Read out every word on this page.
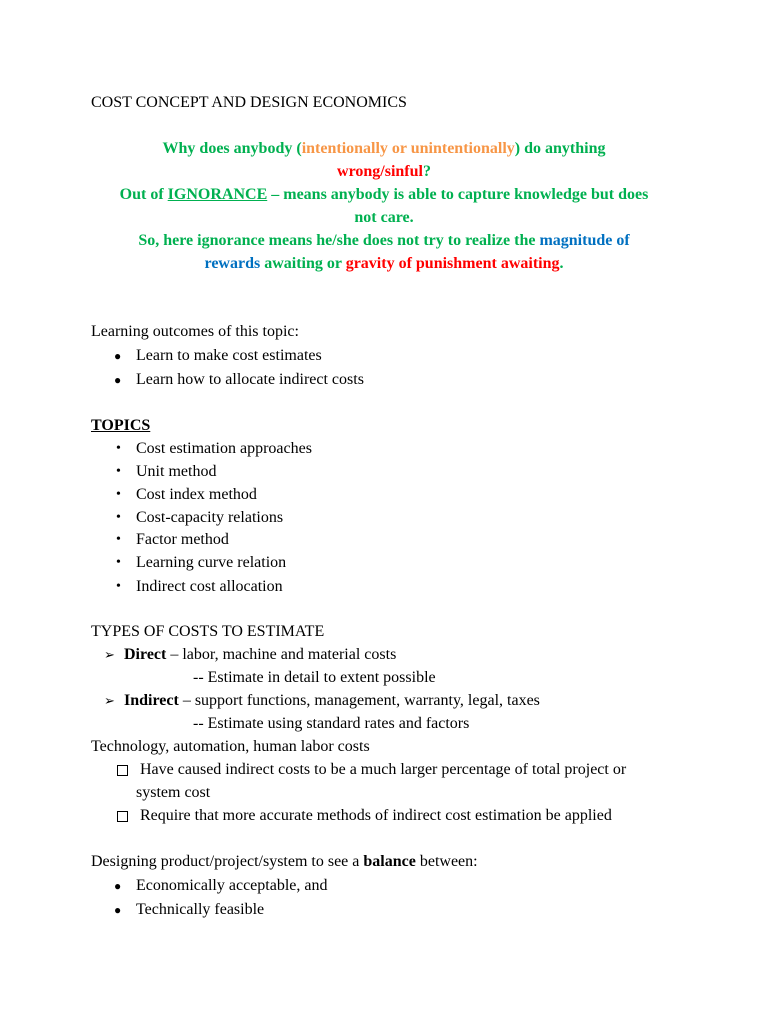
COST CONCEPT AND DESIGN ECONOMICS
Why does anybody (intentionally or unintentionally) do anything
wrong/sinful?
Out of IGNORANCE – means anybody is able to capture knowledge but does
not care.
So, here ignorance means he/she does not try to realize the magnitude of
rewards awaiting or gravity of punishment awaiting.
Learning outcomes of this topic:
● Learn to make cost estimates
● Learn how to allocate indirect costs
TOPICS
• Cost estimation approaches
• Unit method
• Cost index method
• Cost-capacity relations
• Factor method
• Learning curve relation
• Indirect cost allocation
TYPES OF COSTS TO ESTIMATE
➢ Direct – labor, machine and material costs
-- Estimate in detail to extent possible
➢ Indirect – support functions, management, warranty, legal, taxes
-- Estimate using standard rates and factors
Technology, automation, human labor costs
Have caused indirect costs to be a much larger percentage of total project or
system cost
Require that more accurate methods of indirect cost estimation be applied
Designing product/project/system to see a balance between:
● Economically acceptable, and
● Technically feasible
